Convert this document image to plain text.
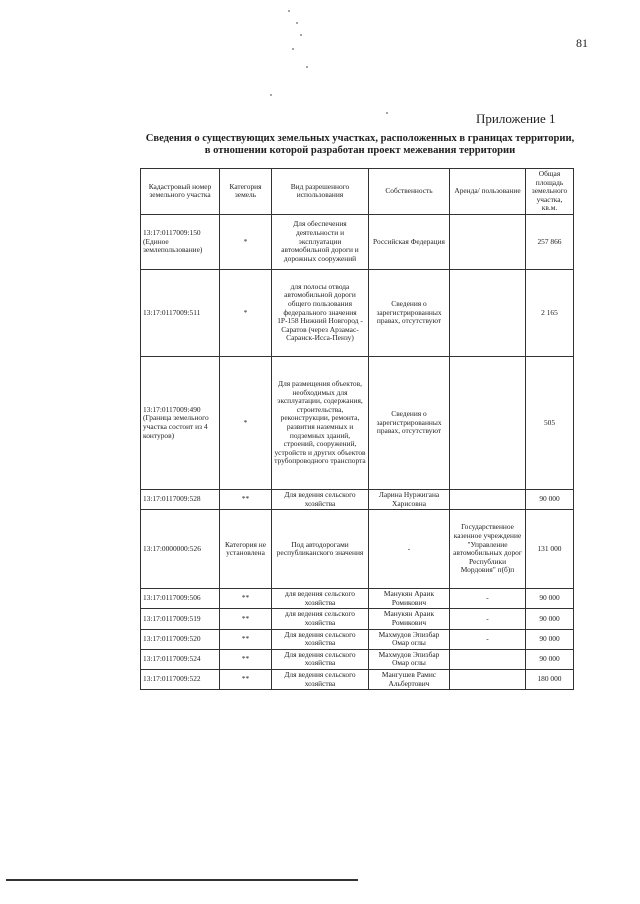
81
Приложение 1
Сведения о существующих земельных участках, расположенных в границах территории,
в отношении которой разработан проект межевания территории
Кадастровый номер земельного участка	Категория земель	Вид разрешенного использования	Собственность	Аренда/ пользование	Общая площадь земельного участка, кв.м.
13:17:0117009:150 (Единое землепользование)	*	Для обеспечения деятельности и эксплуатации автомобильной дороги и дорожных сооружений	Российская Федерация		257 866
13:17:0117009:511	*	для полосы отвода автомобильной дороги общего пользования федерального значения 1Р-158 Нижний Новгород - Саратов (через Арзамас-Саранск-Исса-Пензу)	Сведения о зарегистрированных правах, отсутствуют		2 165
13:17:0117009:490 (Граница земельного участка состоит из 4 контуров)	*	Для размещения объектов, необходимых для эксплуатации, содержания, строительства, реконструкции, ремонта, развития наземных и подземных зданий, строений, сооружений, устройств и других объектов трубопроводного транспорта	Сведения о зарегистрированных правах, отсутствуют		505
13:17:0117009:528	**	Для ведения сельского хозяйства	Ларина Нуржигана Харисовна		90 000
13:17:0000000:526	Категория не установлена	Под автодорогами республиканского значения	-	Государственное казенное учреждение "Управление автомобильных дорог Республики Мордовия" п(б)п	131 000
13:17:0117009:506	**	для ведения сельского хозяйства	Манукян Араик Ромикович	-	90 000
13:17:0117009:519	**	для ведения сельского хозяйства	Манукян Араик Ромикович	-	90 000
13:17:0117009:520	**	Для ведения сельского хозяйства	Махмудов Эпизбар Омар оглы	-	90 000
13:17:0117009:524	**	Для ведения сельского хозяйства	Махмудов Эпизбар Омар оглы		90 000
13:17:0117009:522	**	Для ведения сельского хозяйства	Мангушев Рамис Альбертович		180 000
